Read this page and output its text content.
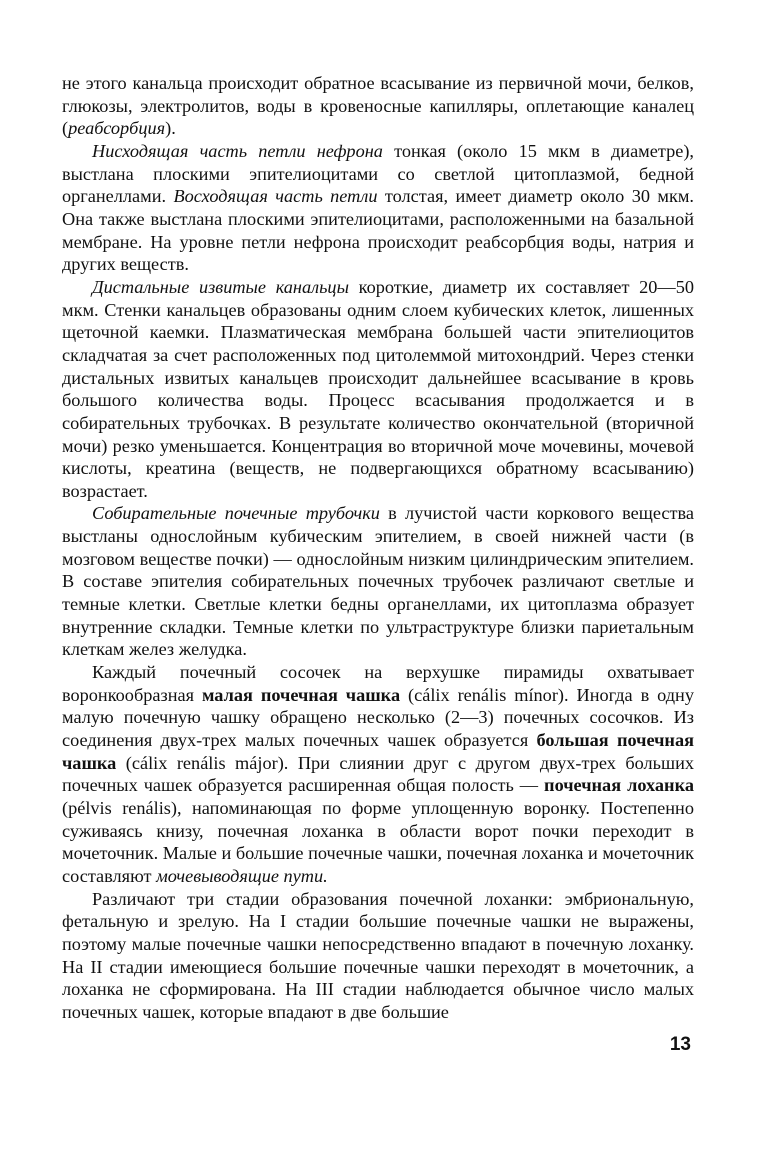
не этого канальца происходит обратное всасывание из первичной мочи, белков, глюкозы, электролитов, воды в кровеносные капилляры, оплетающие каналец (реабсорбция).

Нисходящая часть петли нефрона тонкая (около 15 мкм в диаметре), выстлана плоскими эпителиоцитами со светлой цитоплазмой, бедной органеллами. Восходящая часть петли толстая, имеет диаметр около 30 мкм. Она также выстлана плоскими эпителиоцитами, расположенными на базальной мембране. На уровне петли нефрона происходит реабсорбция воды, натрия и других веществ.

Дистальные извитые канальцы короткие, диаметр их составляет 20—50 мкм. Стенки канальцев образованы одним слоем кубических клеток, лишенных щеточной каемки. Плазматическая мембрана большей части эпителиоцитов складчатая за счет расположенных под цитолеммой митохондрий. Через стенки дистальных извитых канальцев происходит дальнейшее всасывание в кровь большого количества воды. Процесс всасывания продолжается и в собирательных трубочках. В результате количество окончательной (вторичной мочи) резко уменьшается. Концентрация во вторичной моче мочевины, мочевой кислоты, креатина (веществ, не подвергающихся обратному всасыванию) возрастает.

Собирательные почечные трубочки в лучистой части коркового вещества выстланы однослойным кубическим эпителием, в своей нижней части (в мозговом веществе почки) — однослойным низким цилиндрическим эпителием. В составе эпителия собирательных почечных трубочек различают светлые и темные клетки. Светлые клетки бедны органеллами, их цитоплазма образует внутренние складки. Темные клетки по ультраструктуре близки париетальным клеткам желез желудка.

Каждый почечный сосочек на верхушке пирамиды охватывает воронкообразная малая почечная чашка (cálix renális mínor). Иногда в одну малую почечную чашку обращено несколько (2—3) почечных сосочков. Из соединения двух-трех малых почечных чашек образуется большая почечная чашка (cálix renális májor). При слиянии друг с другом двух-трех больших почечных чашек образуется расширенная общая полость — почечная лоханка (pélvis renális), напоминающая по форме уплощенную воронку. Постепенно суживаясь книзу, почечная лоханка в области ворот почки переходит в мочеточник. Малые и большие почечные чашки, почечная лоханка и мочеточник составляют мочевыводящие пути.

Различают три стадии образования почечной лоханки: эмбриональную, фетальную и зрелую. На I стадии большие почечные чашки не выражены, поэтому малые почечные чашки непосредственно впадают в почечную лоханку. На II стадии имеющиеся большие почечные чашки переходят в мочеточник, а лоханка не сформирована. На III стадии наблюдается обычное число малых почечных чашек, которые впадают в две большие

13
